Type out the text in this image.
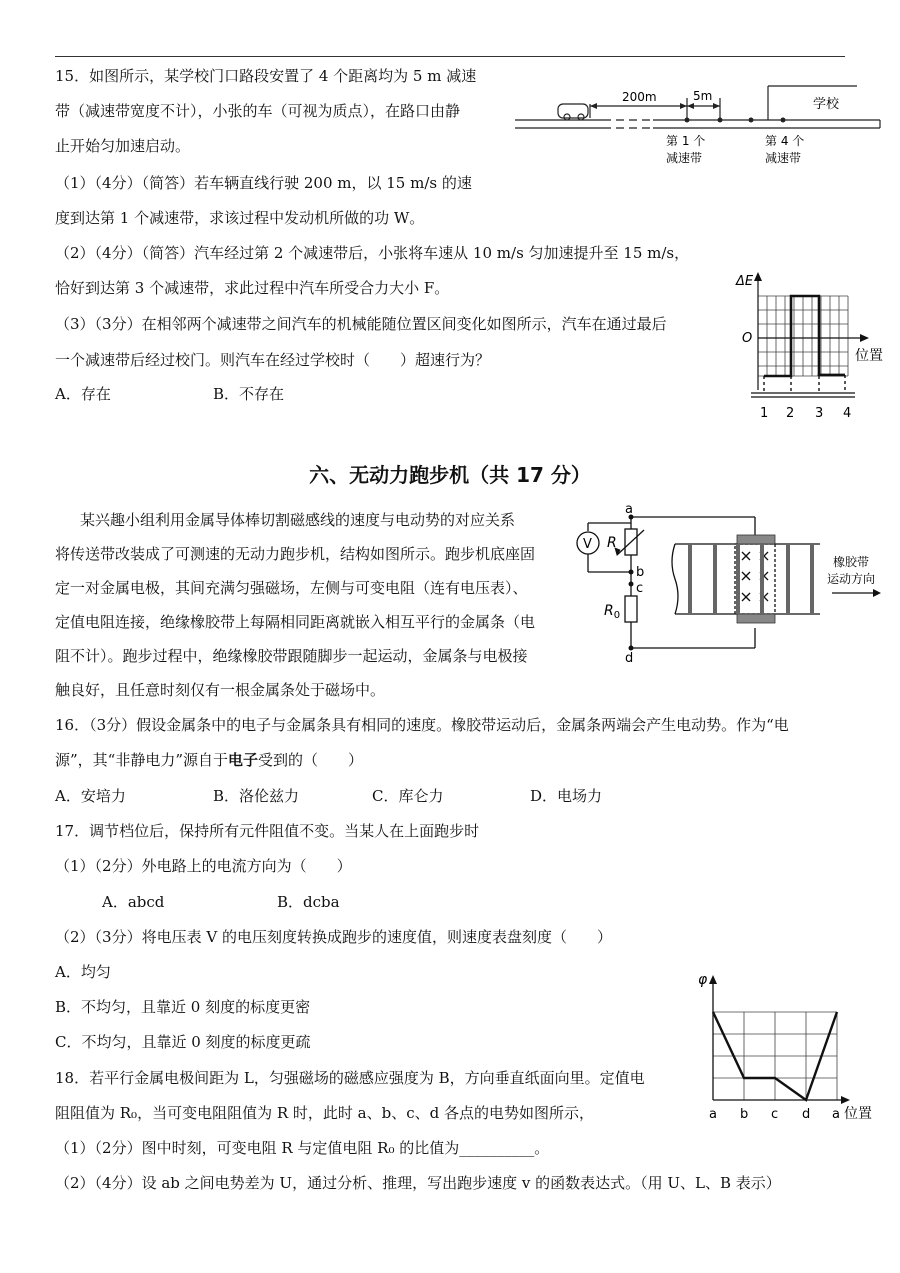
15．如图所示，某学校门口路段安置了 4 个距离均为 5 m 减速
带（减速带宽度不计），小张的车（可视为质点），在路口由静
止开始匀加速启动。
（1）（4分）（简答）若车辆直线行驶 200 m，以 15 m/s 的速
度到达第 1 个减速带，求该过程中发动机所做的功 W。
（2）（4分）（简答）汽车经过第 2 个减速带后，小张将车速从 10 m/s 匀加速提升至 15 m/s，
恰好到达第 3 个减速带，求此过程中汽车所受合力大小 F。
（3）（3分）在相邻两个减速带之间汽车的机械能随位置区间变化如图所示，汽车在通过最后
一个减速带后经过校门。则汽车在经过学校时（　　）超速行为？
A．存在	B．不存在
200m	5m
学校
第 1 个
减速带
第 4 个
减速带
ΔE
O
位置
1 2 3 4
六、无动力跑步机（共 17 分）
某兴趣小组利用金属导体棒切割磁感线的速度与电动势的对应关系
将传送带改装成了可测速的无动力跑步机，结构如图所示。跑步机底座固
定一对金属电极，其间充满匀强磁场，左侧与可变电阻（连有电压表）、
定值电阻连接，绝缘橡胶带上每隔相同距离就嵌入相互平行的金属条（电
阻不计）。跑步过程中，绝缘橡胶带跟随脚步一起运动，金属条与电极接
触良好，且任意时刻仅有一根金属条处于磁场中。
a
b
c
d
V R
$R_0$
橡胶带
运动方向
16．（3分）假设金属条中的电子与金属条具有相同的速度。橡胶带运动后，金属条两端会产生电动势。作为“电
源”，其“非静电力”源自于电子受到的（　　）
A．安培力	B．洛伦兹力	C．库仑力	D．电场力
17．调节档位后，保持所有元件阻值不变。当某人在上面跑步时
（1）（2分）外电路上的电流方向为（　　）
A．abcd	B．dcba
（2）（3分）将电压表 V 的电压刻度转换成跑步的速度值，则速度表盘刻度（　　）
A．均匀
B．不均匀，且靠近 0 刻度的标度更密
C．不均匀，且靠近 0 刻度的标度更疏
18．若平行金属电极间距为 L，匀强磁场的磁感应强度为 B，方向垂直纸面向里。定值电
阻阻值为 R₀，当可变电阻阻值为 R 时，此时 a、b、c、d 各点的电势如图所示，
（1）（2分）图中时刻，可变电阻 R 与定值电阻 R₀ 的比值为__________。
（2）（4分）设 ab 之间电势差为 U，通过分析、推理，写出跑步速度 v 的函数表达式。（用 U、L、B 表示）
φ
位置
a b c d a
